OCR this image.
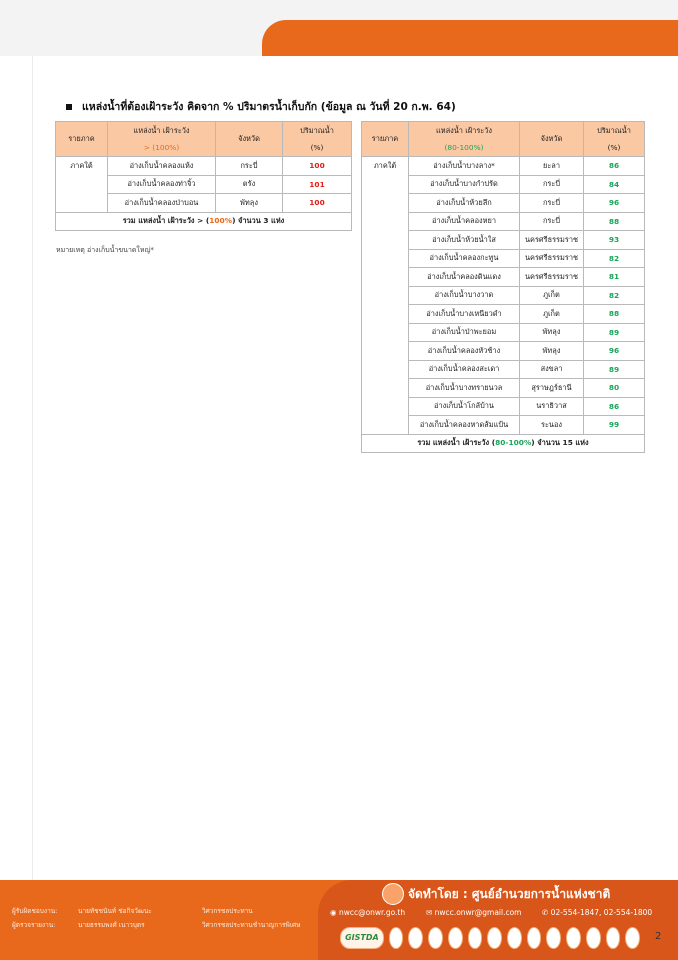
แหล่งน้ำที่ต้องเฝ้าระวัง คิดจาก % ปริมาตรน้ำเก็บกัก (ข้อมูล ณ วันที่ 20 ก.พ. 64)
รายภาค	แหล่งน้ำ เฝ้าระวัง	จังหวัด	ปริมาณน้ำ
	> (100%)		(%)
ภาคใต้	อ่างเก็บน้ำคลองแห้ง	กระบี่	100
	อ่างเก็บน้ำคลองท่าจิ้ว	ตรัง	101
	อ่างเก็บน้ำคลองป่าบอน	พัทลุง	100
รวม แหล่งน้ำ เฝ้าระวัง > (100%) จำนวน 3 แห่ง			
หมายเหตุ อ่างเก็บน้ำขนาดใหญ่*
รายภาค	แหล่งน้ำ เฝ้าระวัง	จังหวัด	ปริมาณน้ำ
	(80-100%)		(%)
ภาคใต้	อ่างเก็บน้ำบางลาง*	ยะลา	86
	อ่างเก็บน้ำบางกำปรัด	กระบี่	84
	อ่างเก็บน้ำห้วยลึก	กระบี่	96
	อ่างเก็บน้ำคลองหยา	กระบี่	88
	อ่างเก็บน้ำห้วยน้ำใส	นครศรีธรรมราช	93
	อ่างเก็บน้ำคลองกะทูน	นครศรีธรรมราช	82
	อ่างเก็บน้ำคลองดินแดง	นครศรีธรรมราช	81
	อ่างเก็บน้ำบางวาด	ภูเก็ต	82
	อ่างเก็บน้ำบางเหนียวดำ	ภูเก็ต	88
	อ่างเก็บน้ำป่าพะยอม	พัทลุง	89
	อ่างเก็บน้ำคลองหัวช้าง	พัทลุง	96
	อ่างเก็บน้ำคลองสะเดา	สงขลา	89
	อ่างเก็บน้ำบางทรายนวล	สุราษฎร์ธานี	80
	อ่างเก็บน้ำโกลับ้าน	นราธิวาส	86
	อ่างเก็บน้ำคลองหาดส้มแป้น	ระนอง	99
รวม แหล่งน้ำ เฝ้าระวัง (80-100%) จำนวน 15 แห่ง			
ผู้รับผิดชอบงาน:	นายทัชชนันท์ ช่อกิจวัฒนะ	วิศวกรชลประทาน
ผู้ตรวจรายงาน:	นายธรรมพงศ์ เนาวบุตร	วิศวกรชลประทานชำนาญการพิเศษ
จัดทำโดย : ศูนย์อำนวยการน้ำแห่งชาติ
◉ nwcc@onwr.go.th	✉ nwcc.onwr@gmail.com	✆ 02-554-1847, 02-554-1800
GISTDA	2
